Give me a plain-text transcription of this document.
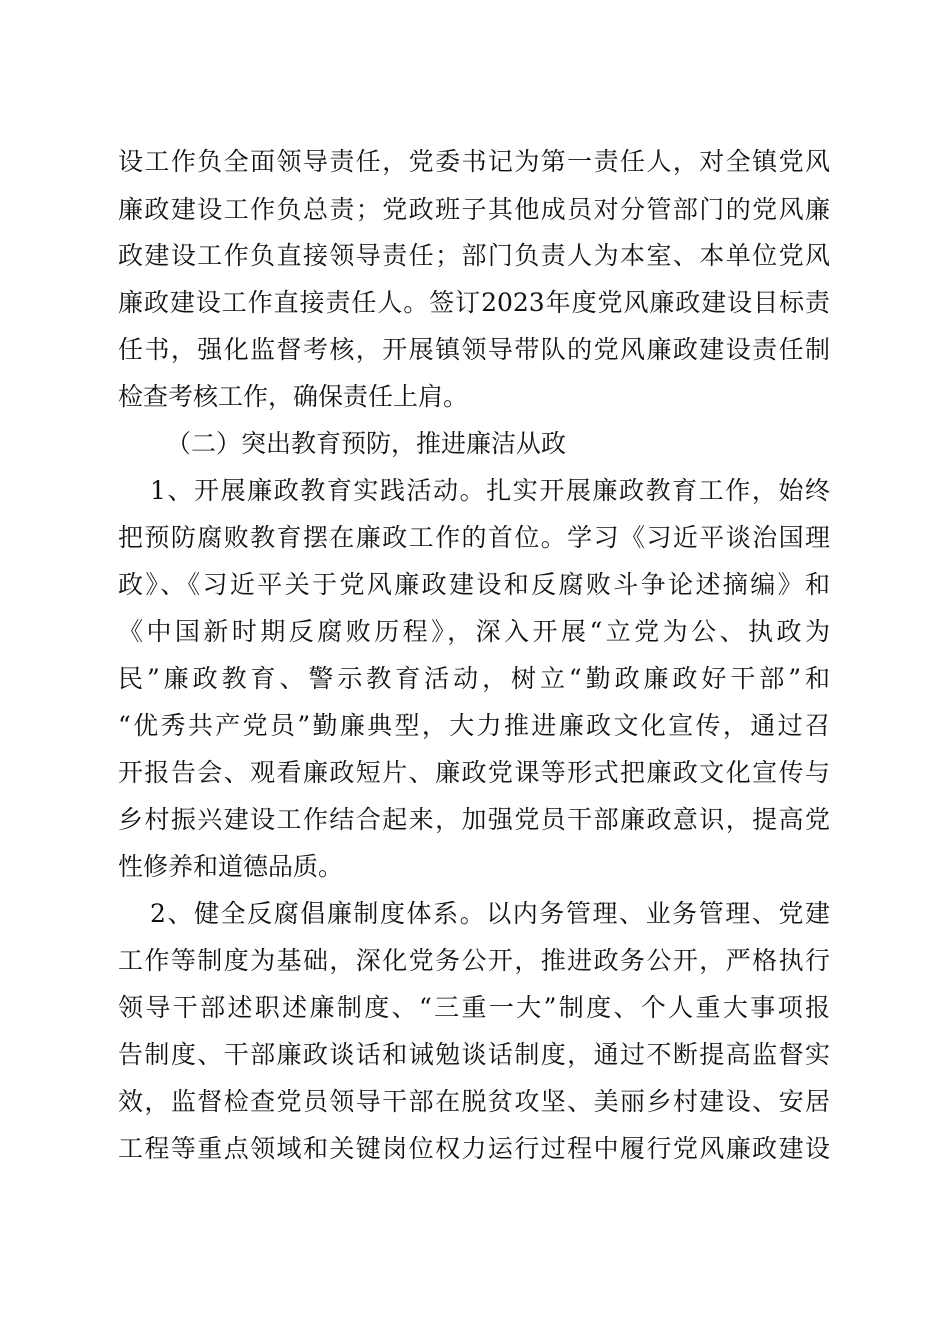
设工作负全面领导责任，党委书记为第一责任人，对全镇党风
廉政建设工作负总责；党政班子其他成员对分管部门的党风廉
政建设工作负直接领导责任；部门负责人为本室、本单位党风
廉政建设工作直接责任人。签订2023年度党风廉政建设目标责
任书，强化监督考核，开展镇领导带队的党风廉政建设责任制
检查考核工作，确保责任上肩。
（二）突出教育预防，推进廉洁从政
1、开展廉政教育实践活动。扎实开展廉政教育工作，始终
把预防腐败教育摆在廉政工作的首位。学习《习近平谈治国理
政》、《习近平关于党风廉政建设和反腐败斗争论述摘编》和
《中国新时期反腐败历程》，深入开展“立党为公、执政为
民”廉政教育、警示教育活动，树立“勤政廉政好干部”和
“优秀共产党员”勤廉典型，大力推进廉政文化宣传，通过召
开报告会、观看廉政短片、廉政党课等形式把廉政文化宣传与
乡村振兴建设工作结合起来，加强党员干部廉政意识，提高党
性修养和道德品质。
2、健全反腐倡廉制度体系。以内务管理、业务管理、党建
工作等制度为基础，深化党务公开，推进政务公开，严格执行
领导干部述职述廉制度、“三重一大”制度、个人重大事项报
告制度、干部廉政谈话和诫勉谈话制度，通过不断提高监督实
效，监督检查党员领导干部在脱贫攻坚、美丽乡村建设、安居
工程等重点领域和关键岗位权力运行过程中履行党风廉政建设
